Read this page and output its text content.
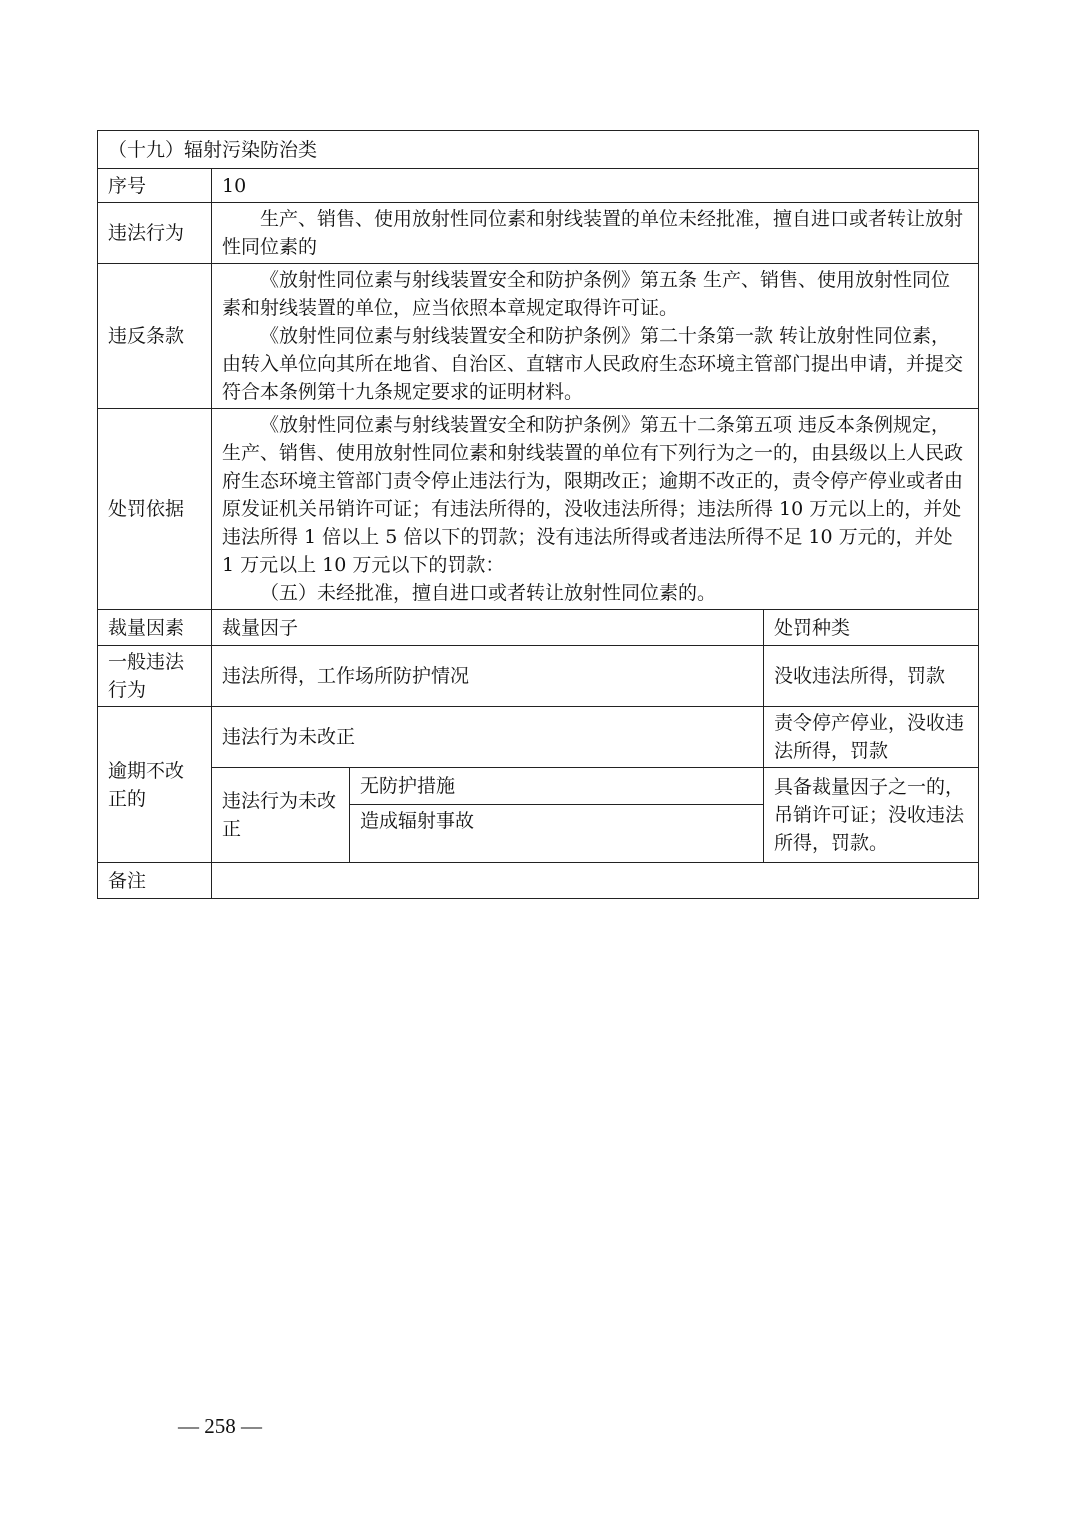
（十九）辐射污染防治类			
序号	10		
违法行为	生产、销售、使用放射性同位素和射线装置的单位未经批准，擅自进口或者转让放射性同位素的		

违反条款	《放射性同位素与射线装置安全和防护条例》第五条 生产、销售、使用放射性同位素和射线装置的单位，应当依照本章规定取得许可证。
《放射性同位素与射线装置安全和防护条例》第二十条第一款 转让放射性同位素，由转入单位向其所在地省、自治区、直辖市人民政府生态环境主管部门提出申请，并提交符合本条例第十九条规定要求的证明材料。		

处罚依据	《放射性同位素与射线装置安全和防护条例》第五十二条第五项 违反本条例规定，生产、销售、使用放射性同位素和射线装置的单位有下列行为之一的，由县级以上人民政府生态环境主管部门责令停止违法行为，限期改正；逾期不改正的，责令停产停业或者由原发证机关吊销许可证；有违法所得的，没收违法所得；违法所得 10 万元以上的，并处违法所得 1 倍以上 5 倍以下的罚款；没有违法所得或者违法所得不足 10 万元的，并处 1 万元以上 10 万元以下的罚款：
（五）未经批准，擅自进口或者转让放射性同位素的。		

裁量因素	裁量因子		处罚种类
一般违法行为	违法所得，工作场所防护情况		没收违法所得，罚款
逾期不改正的	违法行为未改正		责令停产停业，没收违法所得，罚款
	违法行为未改正	无防护措施	具备裁量因子之一的，吊销许可证；没收违法所得，罚款。
		造成辐射事故	
备注			
— 258 —
